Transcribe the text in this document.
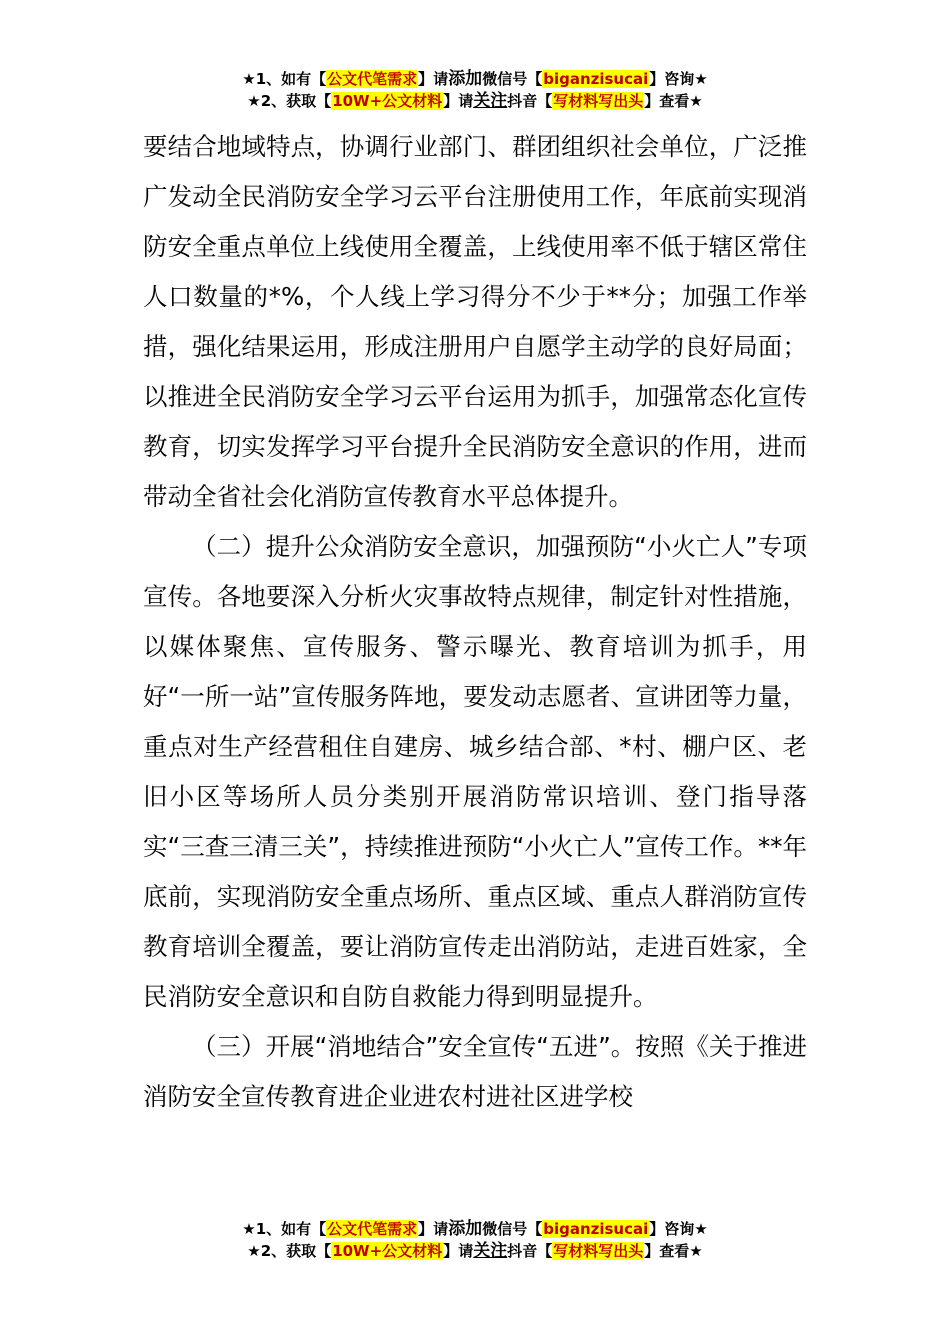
★1、如有【公文代笔需求】请添加微信号【biganzisucai】咨询★
★2、获取【10W+公文材料】请关注抖音【写材料写出头】查看★

要结合地域特点，协调行业部门、群团组织社会单位，广泛推广发动全民消防安全学习云平台注册使用工作，年底前实现消防安全重点单位上线使用全覆盖，上线使用率不低于辖区常住人口数量的*%，个人线上学习得分不少于**分；加强工作举措，强化结果运用，形成注册用户自愿学主动学的良好局面；以推进全民消防安全学习云平台运用为抓手，加强常态化宣传教育，切实发挥学习平台提升全民消防安全意识的作用，进而带动全省社会化消防宣传教育水平总体提升。

（二）提升公众消防安全意识，加强预防“小火亡人”专项宣传。各地要深入分析火灾事故特点规律，制定针对性措施，以媒体聚焦、宣传服务、警示曝光、教育培训为抓手，用好“一所一站”宣传服务阵地，要发动志愿者、宣讲团等力量，重点对生产经营租住自建房、城乡结合部、*村、棚户区、老旧小区等场所人员分类别开展消防常识培训、登门指导落实“三查三清三关”，持续推进预防“小火亡人”宣传工作。**年底前，实现消防安全重点场所、重点区域、重点人群消防宣传教育培训全覆盖，要让消防宣传走出消防站，走进百姓家，全民消防安全意识和自防自救能力得到明显提升。

（三）开展“消地结合”安全宣传“五进”。按照《关于推进消防安全宣传教育进企业进农村进社区进学校

★1、如有【公文代笔需求】请添加微信号【biganzisucai】咨询★
★2、获取【10W+公文材料】请关注抖音【写材料写出头】查看★
